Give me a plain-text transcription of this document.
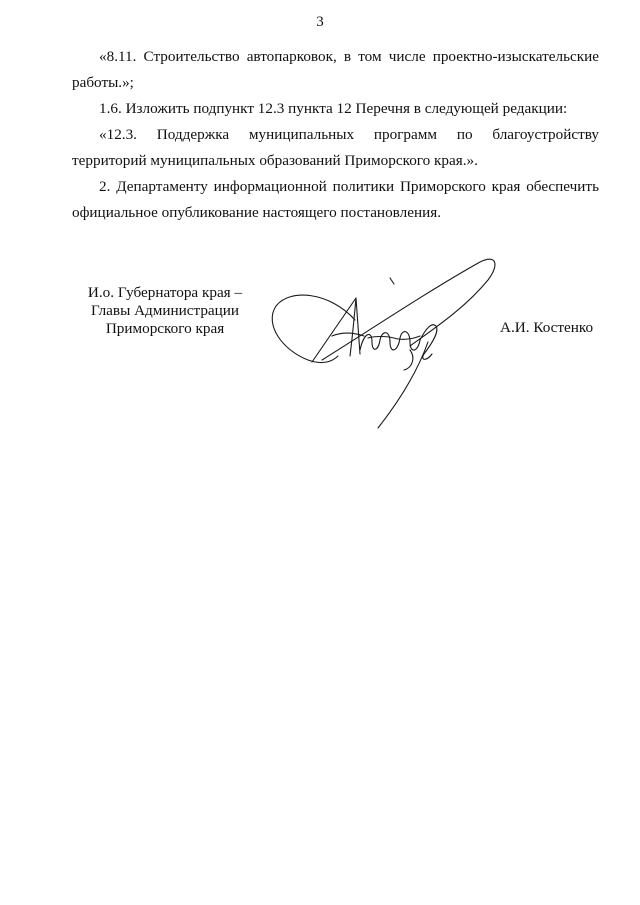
3

«8.11. Строительство автопарковок, в том числе проектно-изыскательские
работы.»;

1.6. Изложить подпункт 12.3 пункта 12 Перечня в следующей редакции:

«12.3. Поддержка муниципальных программ по благоустройству
территорий муниципальных образований Приморского края.».

2. Департаменту информационной политики Приморского края обеспечить
официальное опубликование настоящего постановления.

И.о. Губернатора края –
Главы Администрации
Приморского края	А.И. Костенко
